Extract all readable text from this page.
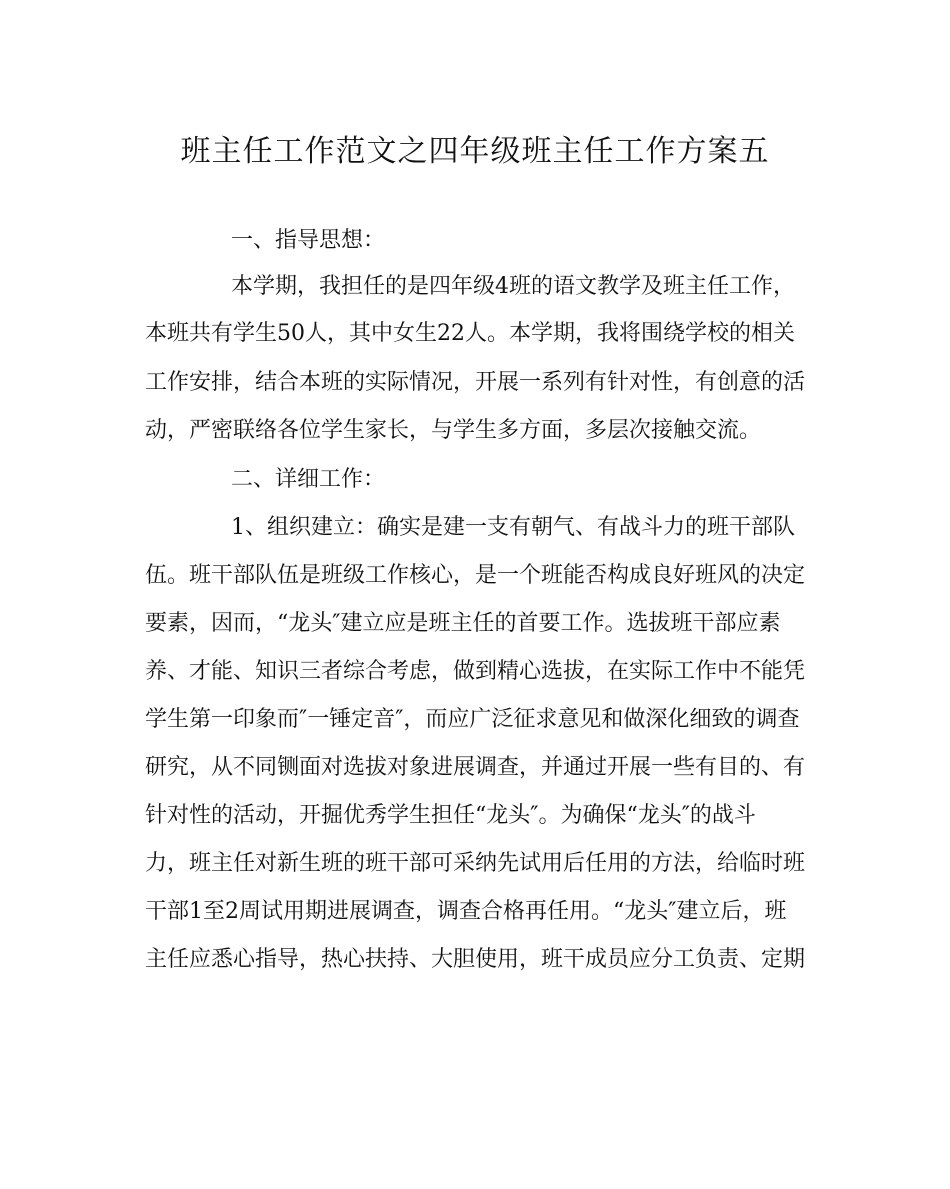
班主任工作范文之四年级班主任工作方案五
一、指导思想：
本学期，我担任的是四年级4班的语文教学及班主任工作，
本班共有学生50人，其中女生22人。本学期，我将围绕学校的相关
工作安排，结合本班的实际情况，开展一系列有针对性，有创意的活
动，严密联络各位学生家长，与学生多方面，多层次接触交流。
二、详细工作：
1、组织建立：确实是建一支有朝气、有战斗力的班干部队
伍。班干部队伍是班级工作核心，是一个班能否构成良好班风的决定
要素，因而，“龙头″建立应是班主任的首要工作。选拔班干部应素
养、才能、知识三者综合考虑，做到精心选拔，在实际工作中不能凭
学生第一印象而″一锤定音″，而应广泛征求意见和做深化细致的调查
研究，从不同铡面对选拔对象进展调查，并通过开展一些有目的、有
针对性的活动，开掘优秀学生担任“龙头″。为确保“龙头″的战斗
力，班主任对新生班的班干部可采纳先试用后任用的方法，给临时班
干部1至2周试用期进展调查，调查合格再任用。“龙头″建立后，班
主任应悉心指导，热心扶持、大胆使用，班干成员应分工负责、定期
